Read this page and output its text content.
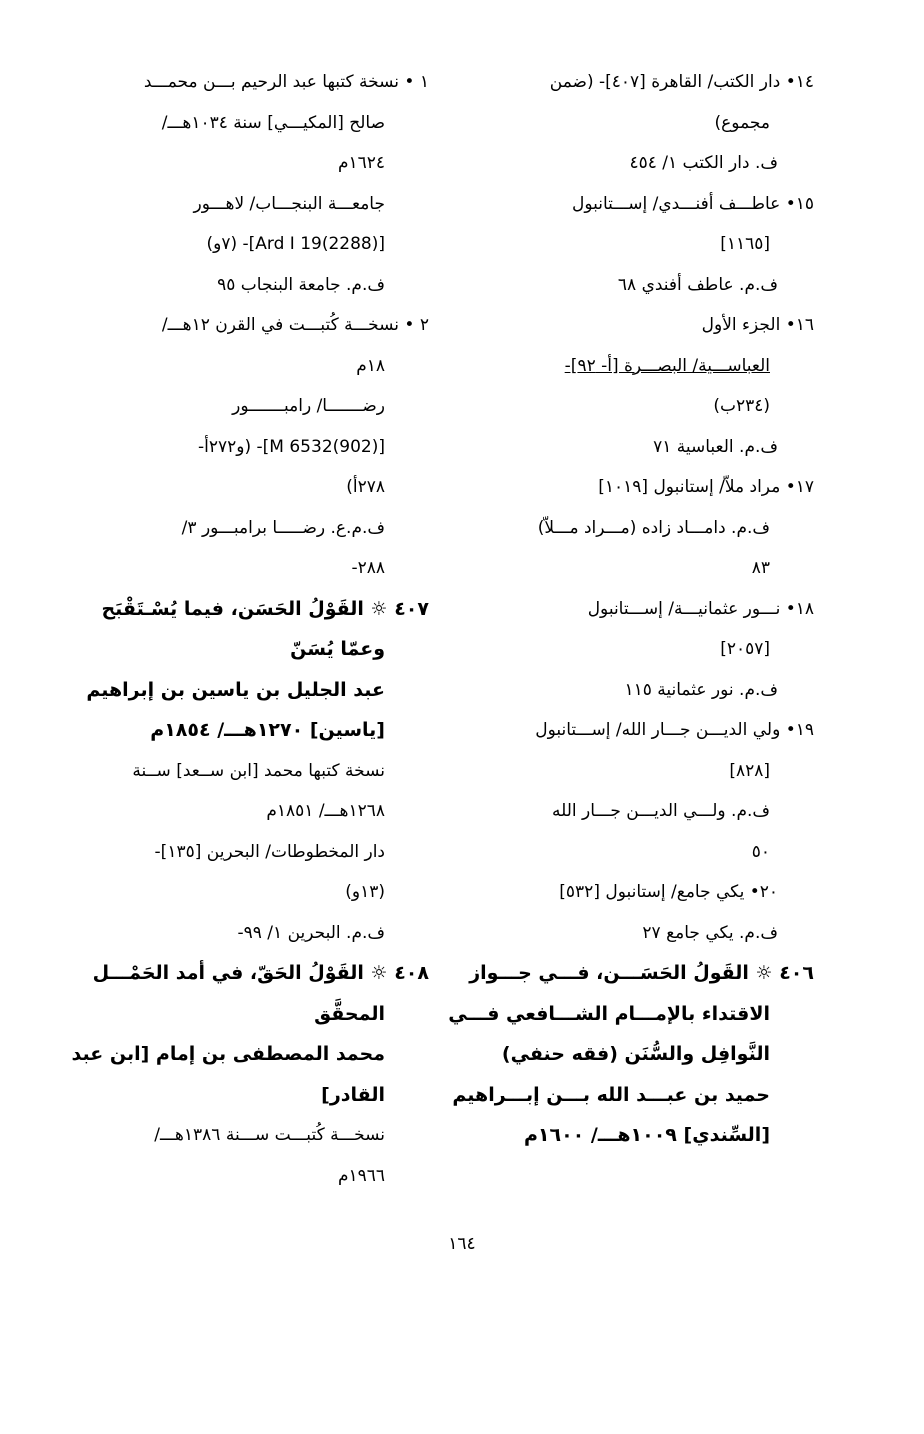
١٤• دار الكتب/ القاهرة [٤٠٧]- (ضمن
مجموع)
ف. دار الكتب ١/ ٤٥٤
١٥• عاطـــف أفنـــدي/ إســـتانبول
[١١٦٥]
ف.م. عاطف أفندي ٦٨
١٦• الجزء الأول
العباســـية/ البصـــرة [أ- ٩٢]-
(٢٣٤ب)
ف.م. العباسية ٧١
١٧• مراد ملاّ/ إستانبول [١٠١٩]
ف.م. دامـــاد زاده (مـــراد مـــلاّ)
٨٣
١٨• نـــور عثمانيـــة/ إســـتانبول
[٢٠٥٧]
ف.م. نور عثمانية ١١٥
١٩• ولي الديـــن جـــار الله/ إســـتانبول
[٨٢٨]
ف.م. ولـــي الديـــن جـــار الله
٥٠
٢٠• يكي جامع/ إستانبول [٥٣٢]
ف.م. يكي جامع ٢٧
٤٠٦ ☼ القَولُ الحَسَـــن، فـــي جـــواز
الاقتداء بالإمـــام الشـــافعي فـــي
النَّوافِل والسُّنَن (فقه حنفي)
حميد بن عبـــد الله بـــن إبـــراهيم
[السِّندي] ١٠٠٩هـــ/ ١٦٠٠م
١ • نسخة كتبها عبد الرحيم بـــن محمـــد
صالح [المكيـــي] سنة ١٠٣٤هـــ/
١٦٢٤م
جامعـــة البنجـــاب/ لاهـــور
[Ard I 19(2288)]- (٧و)
ف.م. جامعة البنجاب ٩٥
٢ • نسخـــة كُتبـــت في القرن ١٢هـــ/
١٨م
رضـــــــا/ رامبـــــــور
[M 6532(902)]- (و٢٧٢أ-
٢٧٨أ)
ف.م.ع. رضـــــا برامبـــور ٣/
٢٨٨-
٤٠٧ ☼ القَوْلُ الحَسَن، فيما يُسْـتَقْبَح
وعمّا يُسَنّ
عبد الجليل بن ياسين بن إبراهيم
[ياسين] ١٢٧٠هـــ/ ١٨٥٤م
نسخة كتبها محمد [ابن ســعد] ســنة
١٢٦٨هـــ/ ١٨٥١م
دار المخطوطات/ البحرين [١٣٥]-
(١٣و)
ف.م. البحرين ١/ ٩٩-
٤٠٨ ☼ القَوْلُ الحَقّ، في أمد الحَمْـــل
المحقَّق
محمد المصطفى بن إمام [ابن عبد
القادر]
نسخـــة كُتبـــت ســـنة ١٣٨٦هـــ/
١٩٦٦م
١٦٤
